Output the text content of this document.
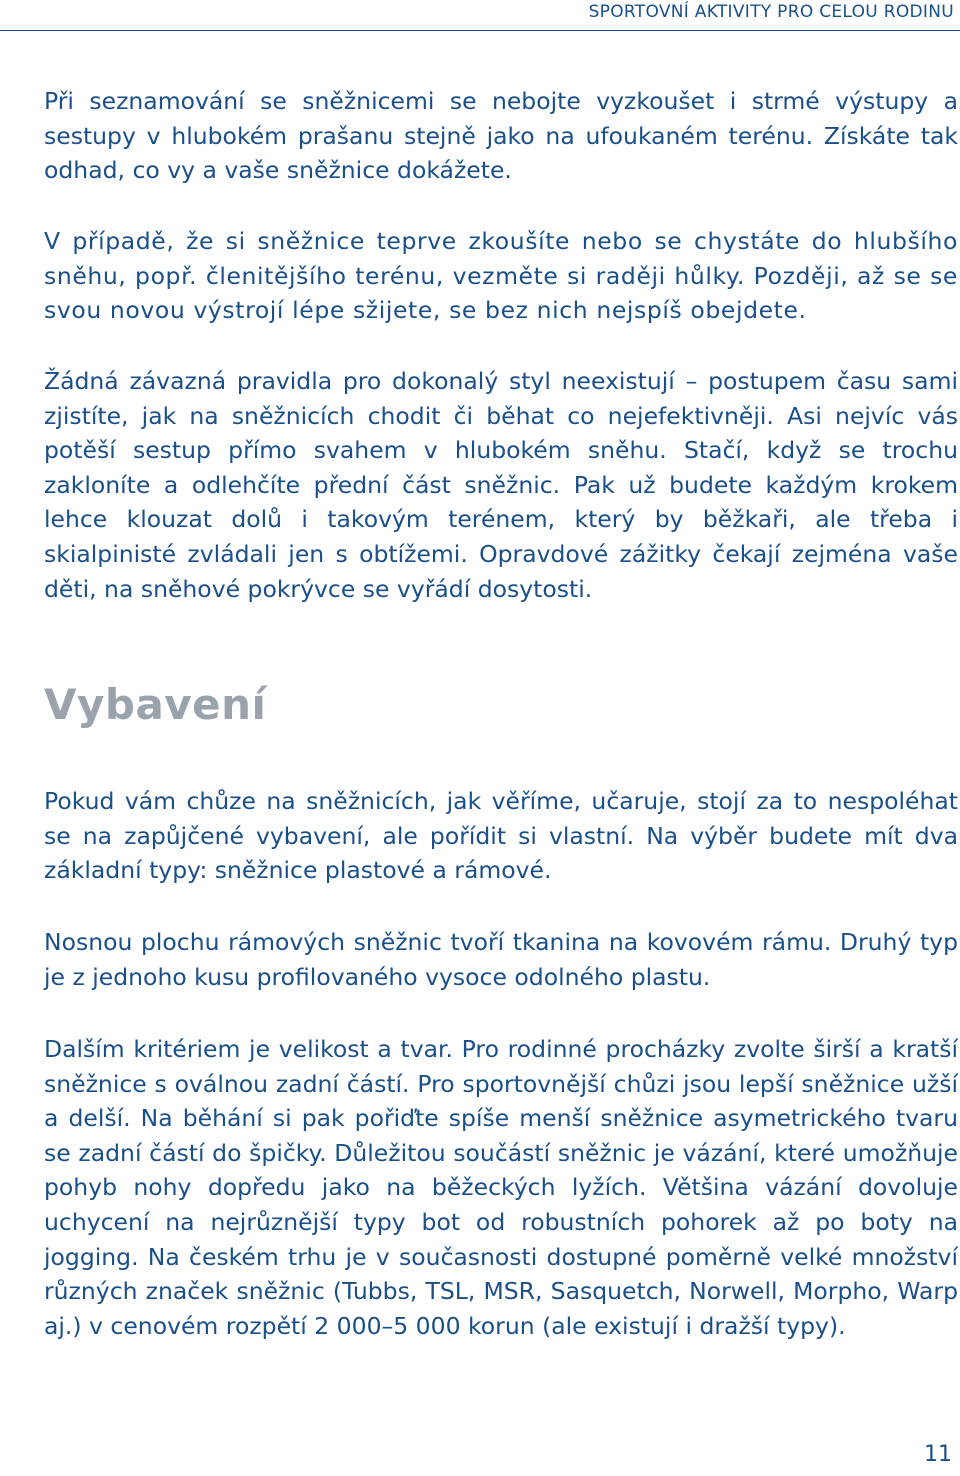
SPORTOVNÍ AKTIVITY PRO CELOU RODINU

Při seznamování se sněžnicemi se nebojte vyzkoušet i strmé výstupy a sestupy v hlubokém prašanu stejně jako na ufoukaném terénu. Získáte tak odhad, co vy a vaše sněžnice dokážete.

V případě, že si sněžnice teprve zkoušíte nebo se chystáte do hlubšího sněhu, popř. členitějšího terénu, vezměte si raději hůlky. Později, až se se svou novou výstrojí lépe sžijete, se bez nich nejspíš obejdete.

Žádná závazná pravidla pro dokonalý styl neexistují – postupem času sami zjistíte, jak na sněžnicích chodit či běhat co nejefektivněji. Asi nejvíc vás potěší sestup přímo svahem v hlubokém sněhu. Stačí, když se trochu zakloníte a odlehčíte přední část sněžnic. Pak už budete každým krokem lehce klouzat dolů i takovým terénem, který by běžkaři, ale třeba i skialpinisté zvládali jen s obtížemi. Opravdové zážitky čekají zejména vaše děti, na sněhové pokrývce se vyřádí dosytosti.

Vybavení

Pokud vám chůze na sněžnicích, jak věříme, učaruje, stojí za to nespoléhat se na zapůjčené vybavení, ale pořídit si vlastní. Na výběr budete mít dva základní typy: sněžnice plastové a rámové.

Nosnou plochu rámových sněžnic tvoří tkanina na kovovém rámu. Druhý typ je z jednoho kusu profilovaného vysoce odolného plastu.

Dalším kritériem je velikost a tvar. Pro rodinné procházky zvolte širší a kratší sněžnice s oválnou zadní částí. Pro sportovnější chůzi jsou lepší sněžnice užší a delší. Na běhání si pak pořiďte spíše menší sněžnice asymetrického tvaru se zadní částí do špičky. Důležitou součástí sněžnic je vázání, které umožňuje pohyb nohy dopředu jako na běžeckých lyžích. Většina vázání dovoluje uchycení na nejrůznější typy bot od robustních pohorek až po boty na jogging. Na českém trhu je v současnosti dostupné poměrně velké množství různých značek sněžnic (Tubbs, TSL, MSR, Sasquetch, Norwell, Morpho, Warp aj.) v cenovém rozpětí 2 000–5 000 korun (ale existují i dražší typy).

11
